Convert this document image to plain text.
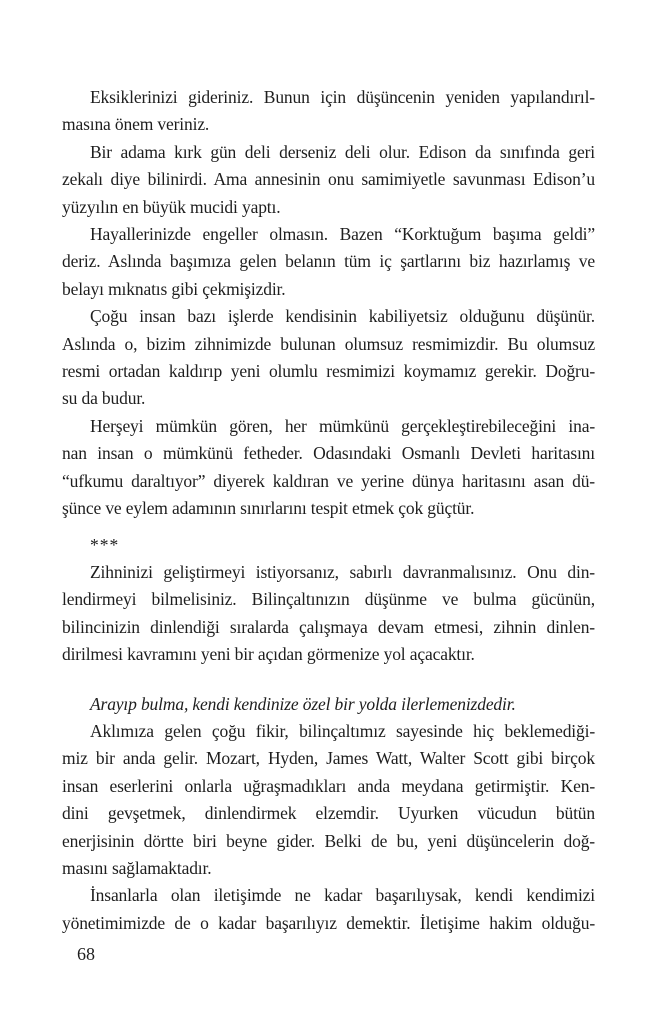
Eksiklerinizi gideriniz. Bunun için düşüncenin yeniden yapılandırıl-
masına önem veriniz.
Bir adama kırk gün deli derseniz deli olur. Edison da sınıfında geri
zekalı diye bilinirdi. Ama annesinin onu samimiyetle savunması Edison’u
yüzyılın en büyük mucidi yaptı.
Hayallerinizde engeller olmasın. Bazen “Korktuğum başıma geldi”
deriz. Aslında başımıza gelen belanın tüm iç şartlarını biz hazırlamış ve
belayı mıknatıs gibi çekmişizdir.
Çoğu insan bazı işlerde kendisinin kabiliyetsiz olduğunu düşünür.
Aslında o, bizim zihnimizde bulunan olumsuz resmimizdir. Bu olumsuz
resmi ortadan kaldırıp yeni olumlu resmimizi koymamız gerekir. Doğru-
su da budur.
Herşeyi mümkün gören, her mümkünü gerçekleştirebileceğini ina-
nan insan o mümkünü fetheder. Odasındaki Osmanlı Devleti haritasını
“ufkumu daraltıyor” diyerek kaldıran ve yerine dünya haritasını asan dü-
şünce ve eylem adamının sınırlarını tespit etmek çok güçtür.
***
Zihninizi geliştirmeyi istiyorsanız, sabırlı davranmalısınız. Onu din-
lendirmeyi bilmelisiniz. Bilinçaltınızın düşünme ve bulma gücünün,
bilincinizin dinlendiği sıralarda çalışmaya devam etmesi, zihnin dinlen-
dirilmesi kavramını yeni bir açıdan görmenize yol açacaktır.
Arayıp bulma, kendi kendinize özel bir yolda ilerlemenizdedir.
Aklımıza gelen çoğu fikir, bilinçaltımız sayesinde hiç beklemediği-
miz bir anda gelir. Mozart, Hyden, James Watt, Walter Scott gibi birçok
insan eserlerini onlarla uğraşmadıkları anda meydana getirmiştir. Ken-
dini gevşetmek, dinlendirmek elzemdir. Uyurken vücudun bütün
enerjisinin dörtte biri beyne gider. Belki de bu, yeni düşüncelerin doğ-
masını sağlamaktadır.
İnsanlarla olan iletişimde ne kadar başarılıysak, kendi kendimizi
yönetimimizde de o kadar başarılıyız demektir. İletişime hakim olduğu-
68
